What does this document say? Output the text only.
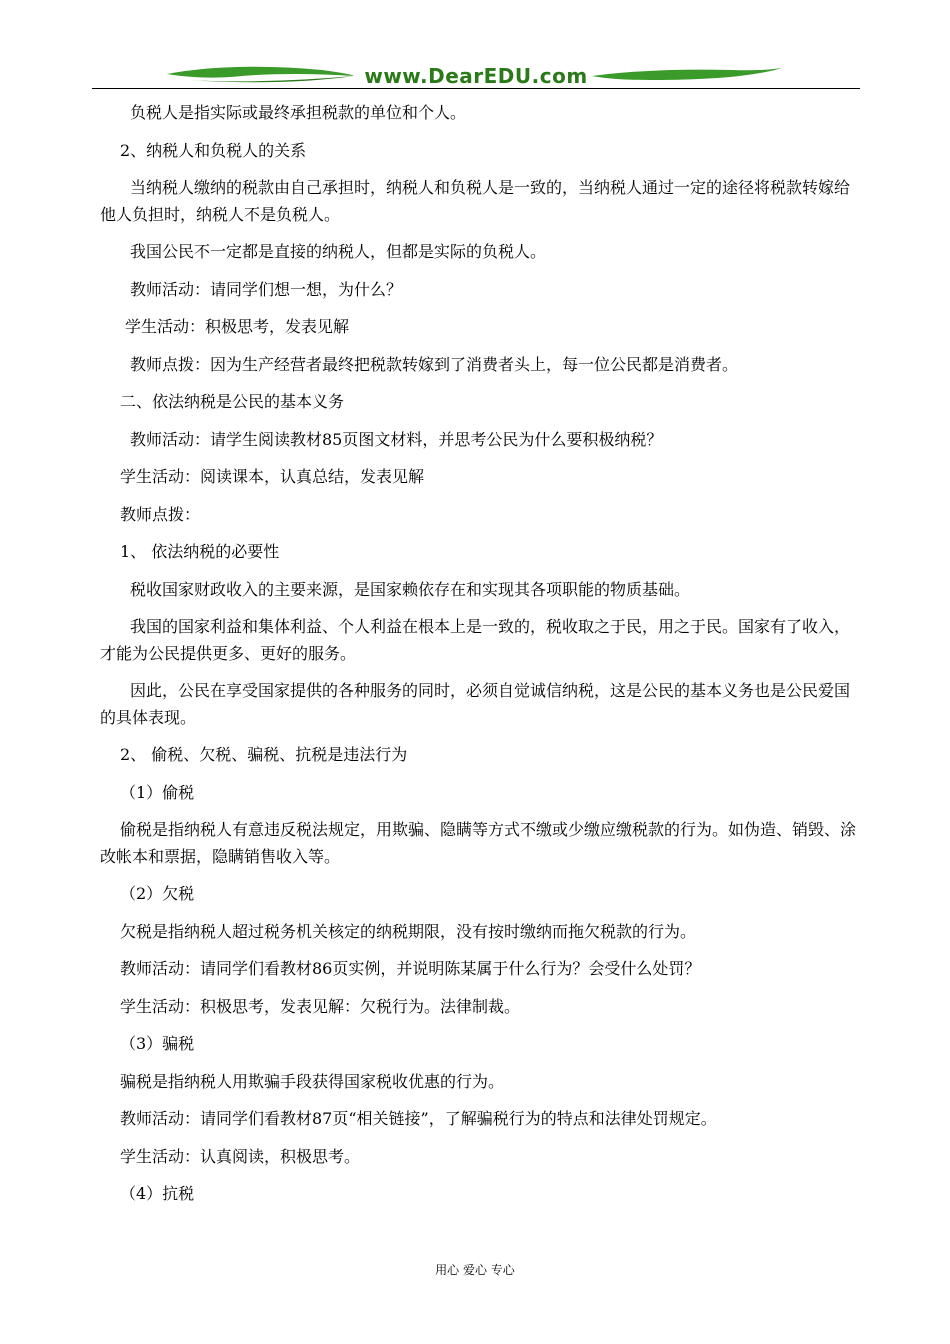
www.DearEDU.com

负税人是指实际或最终承担税款的单位和个人。

2、纳税人和负税人的关系

当纳税人缴纳的税款由自己承担时，纳税人和负税人是一致的，当纳税人通过一定的途径将税款转嫁给他人负担时，纳税人不是负税人。

我国公民不一定都是直接的纳税人，但都是实际的负税人。

教师活动：请同学们想一想，为什么？

学生活动：积极思考，发表见解

教师点拨：因为生产经营者最终把税款转嫁到了消费者头上，每一位公民都是消费者。

二、依法纳税是公民的基本义务

教师活动：请学生阅读教材85页图文材料，并思考公民为什么要积极纳税？

学生活动：阅读课本，认真总结，发表见解

教师点拨：

1、 依法纳税的必要性

税收国家财政收入的主要来源，是国家赖依存在和实现其各项职能的物质基础。

我国的国家利益和集体利益、个人利益在根本上是一致的，税收取之于民，用之于民。国家有了收入，才能为公民提供更多、更好的服务。

因此，公民在享受国家提供的各种服务的同时，必须自觉诚信纳税，这是公民的基本义务也是公民爱国的具体表现。

2、 偷税、欠税、骗税、抗税是违法行为

（1）偷税

偷税是指纳税人有意违反税法规定，用欺骗、隐瞒等方式不缴或少缴应缴税款的行为。如伪造、销毁、涂改帐本和票据，隐瞒销售收入等。

（2）欠税

欠税是指纳税人超过税务机关核定的纳税期限，没有按时缴纳而拖欠税款的行为。

教师活动：请同学们看教材86页实例，并说明陈某属于什么行为？会受什么处罚？

学生活动：积极思考，发表见解：欠税行为。法律制裁。

（3）骗税

骗税是指纳税人用欺骗手段获得国家税收优惠的行为。

教师活动：请同学们看教材87页“相关链接”，了解骗税行为的特点和法律处罚规定。

学生活动：认真阅读，积极思考。

（4）抗税

用心 爱心 专心
